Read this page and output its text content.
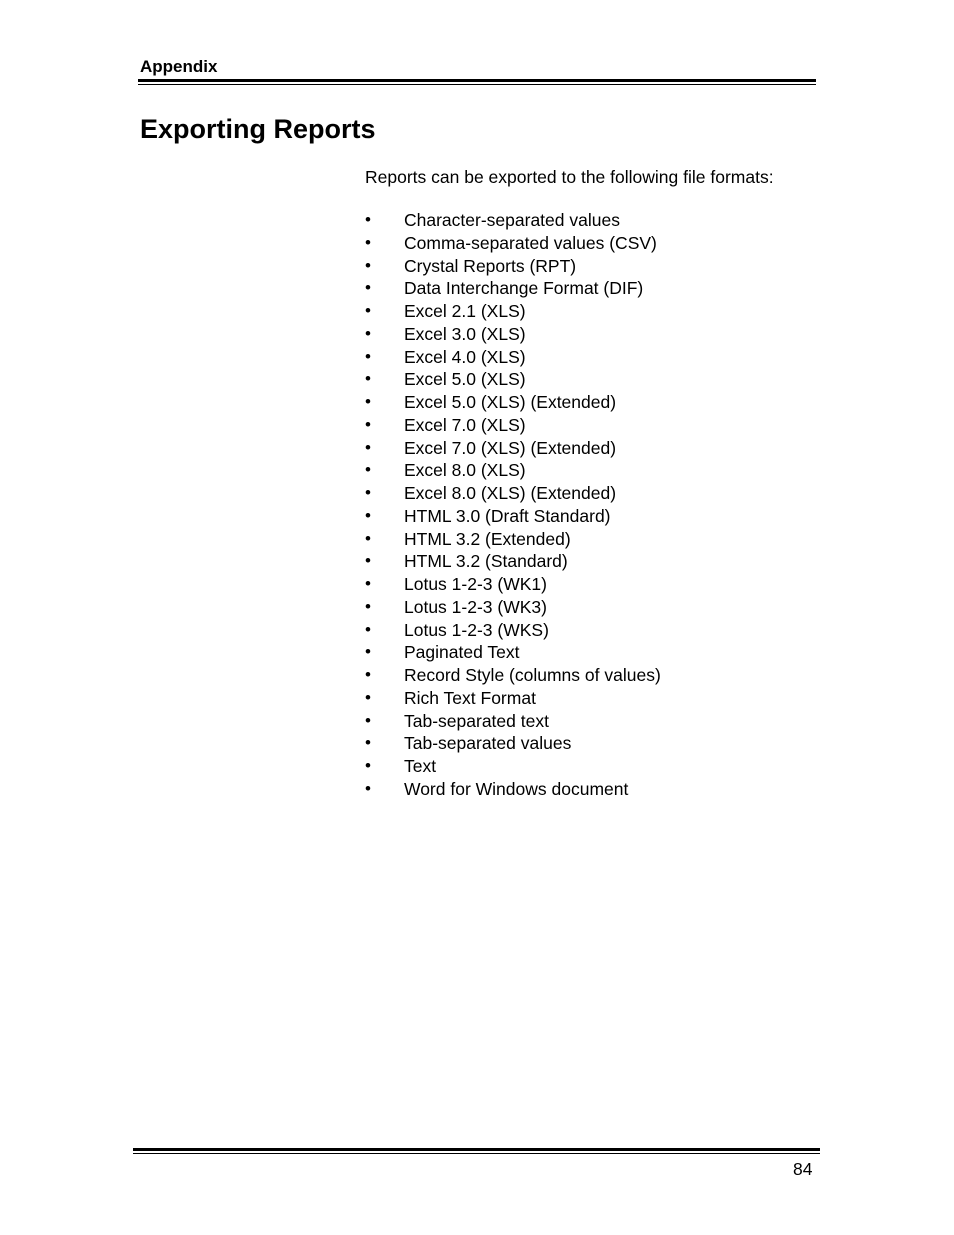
Appendix
Exporting Reports

Reports can be exported to the following file formats:

•	Character-separated values
•	Comma-separated values (CSV)
•	Crystal Reports (RPT)
•	Data Interchange Format (DIF)
•	Excel 2.1 (XLS)
•	Excel 3.0 (XLS)
•	Excel 4.0 (XLS)
•	Excel 5.0 (XLS)
•	Excel 5.0 (XLS) (Extended)
•	Excel 7.0 (XLS)
•	Excel 7.0 (XLS) (Extended)
•	Excel 8.0 (XLS)
•	Excel 8.0 (XLS) (Extended)
•	HTML 3.0 (Draft Standard)
•	HTML 3.2 (Extended)
•	HTML 3.2 (Standard)
•	Lotus 1-2-3 (WK1)
•	Lotus 1-2-3 (WK3)
•	Lotus 1-2-3 (WKS)
•	Paginated Text
•	Record Style (columns of values)
•	Rich Text Format
•	Tab-separated text
•	Tab-separated values
•	Text
•	Word for Windows document
84
